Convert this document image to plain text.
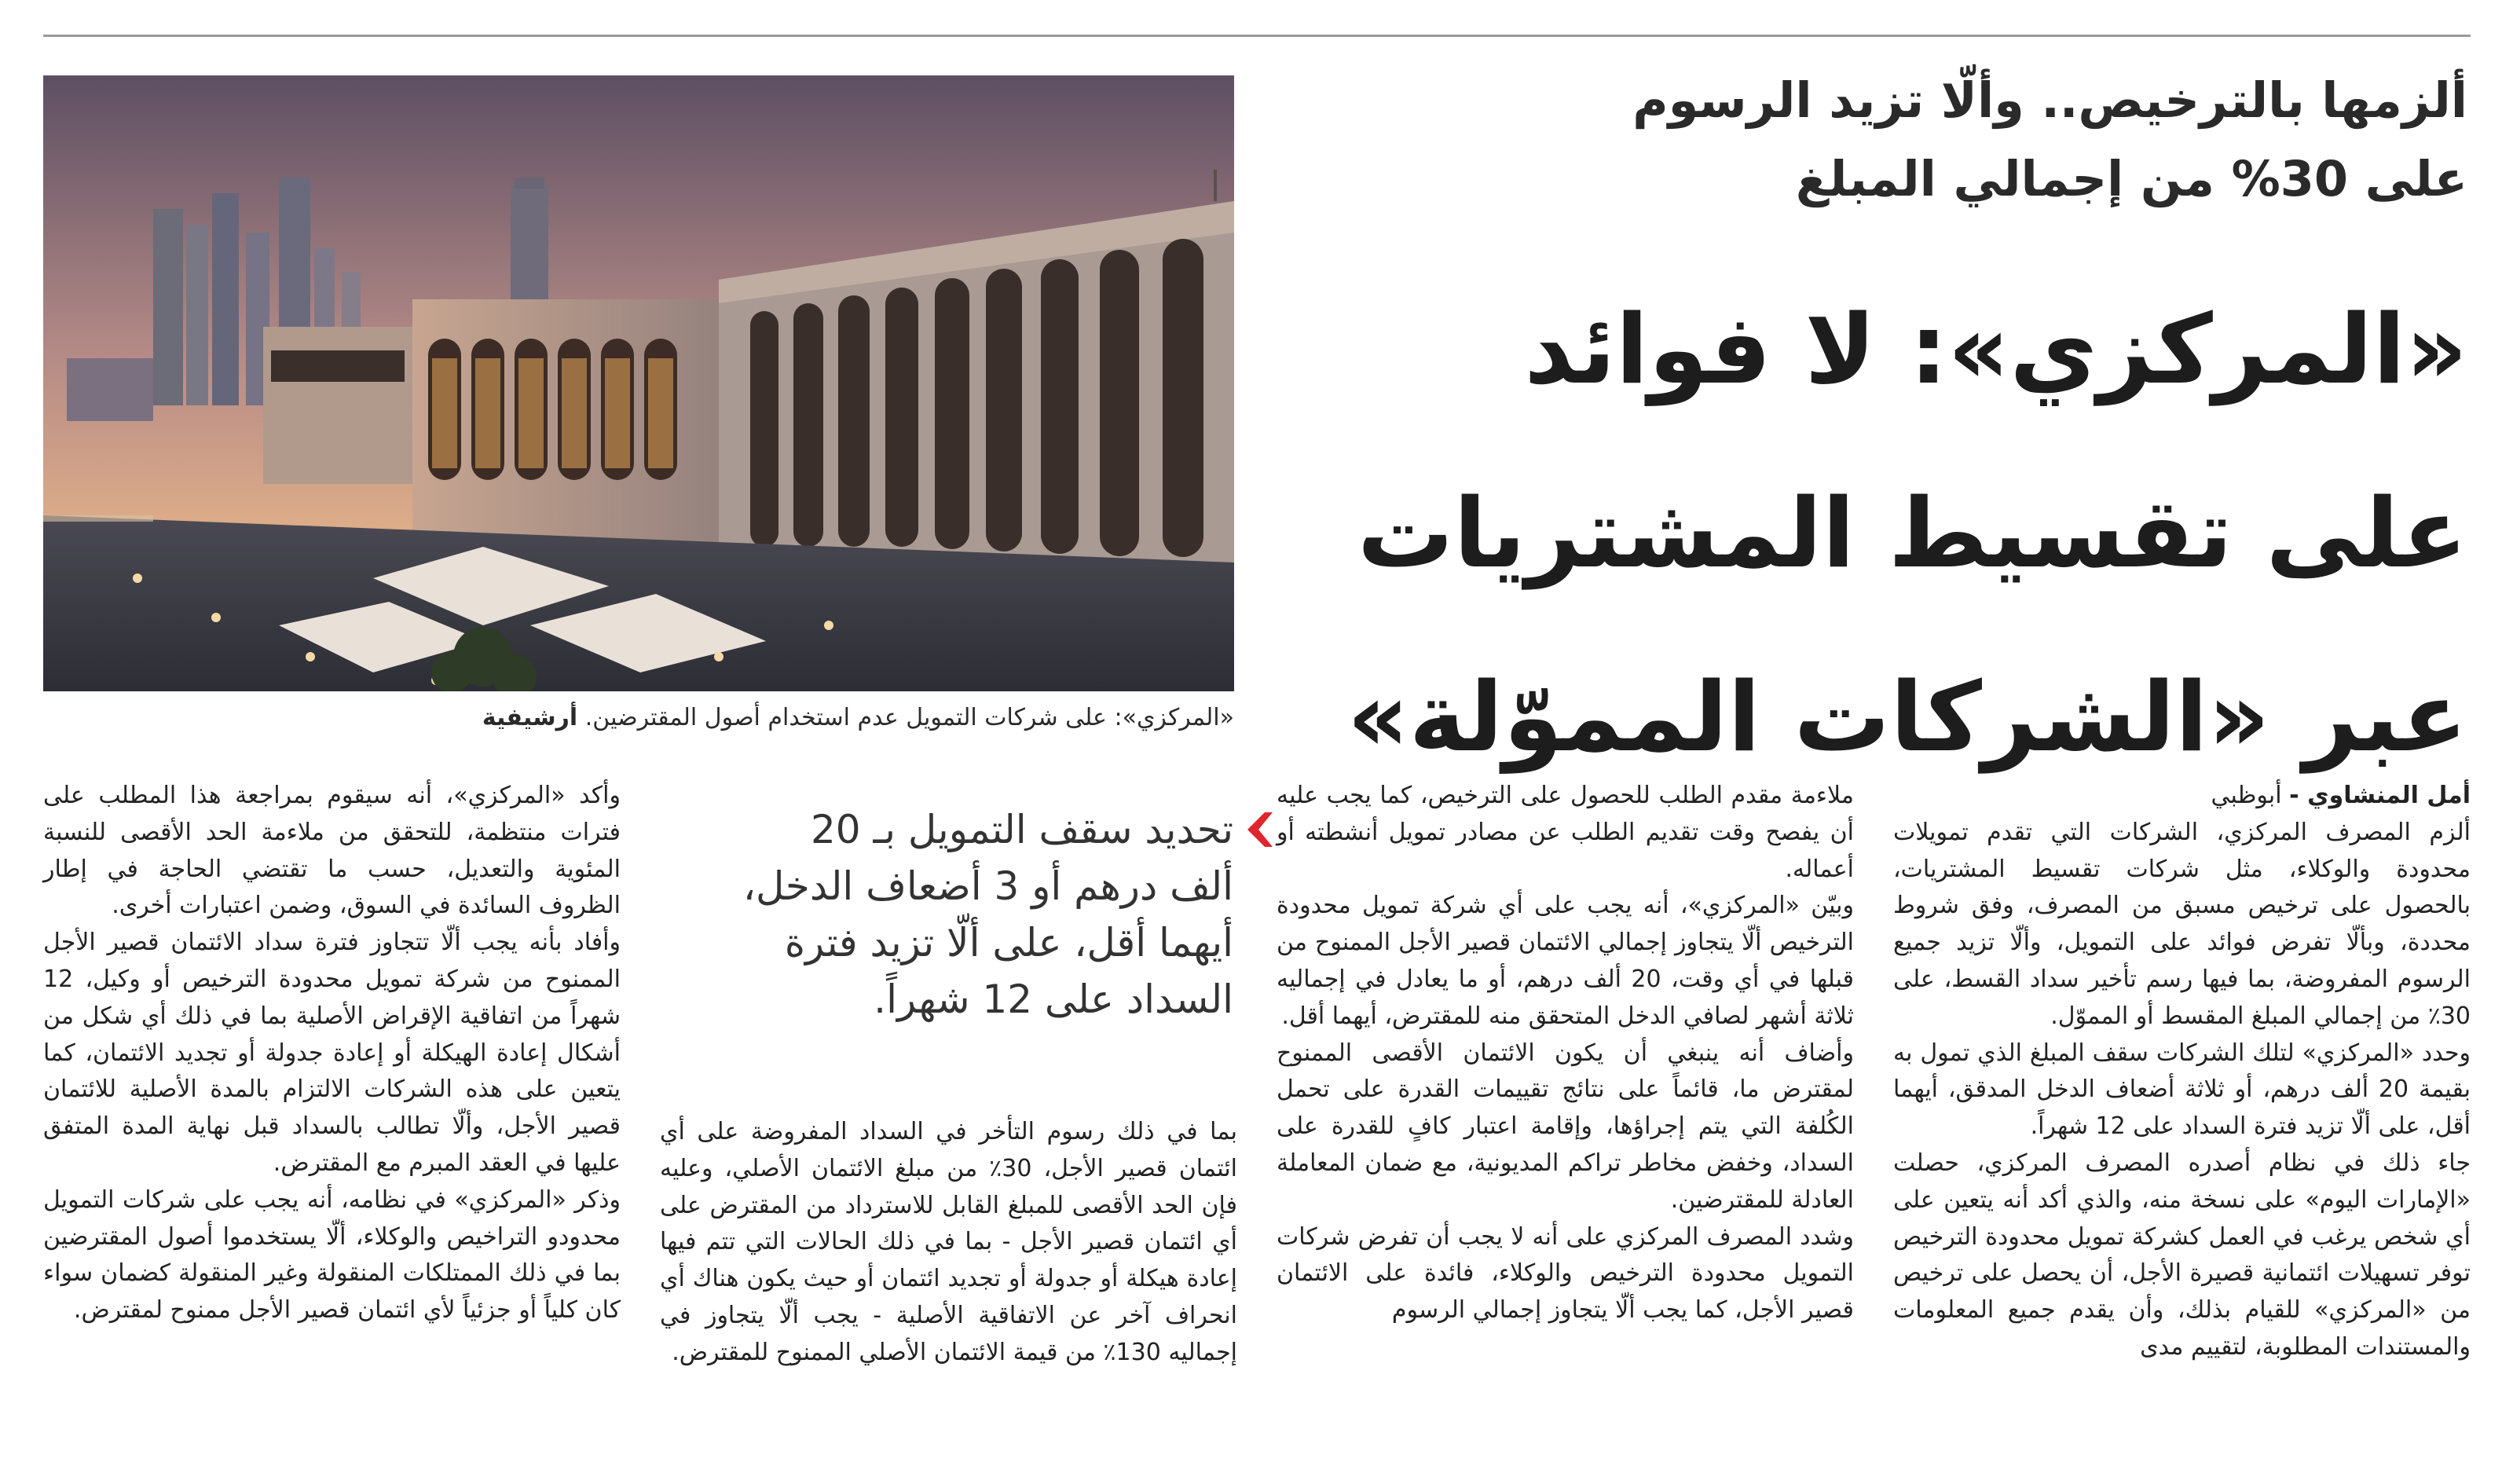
ألزمها بالترخيص.. وألّا تزيد الرسوم
على 30% من إجمالي المبلغ
«المركزي»: لا فوائد
على تقسيط المشتريات
عبر «الشركات المموّلة»
«المركزي»: على شركات التمويل عدم استخدام أصول المقترضين. أرشيفية

أمل المنشاوي - أبوظبي

ألزم المصرف المركزي، الشركات التي تقدم تمويلات محدودة والوكلاء، مثل شركات تقسيط المشتريات، بالحصول على ترخيص مسبق من المصرف، وفق شروط محددة، وبألّا تفرض فوائد على التمويل، وألّا تزيد جميع الرسوم المفروضة، بما فيها رسم تأخير سداد القسط، على 30٪ من إجمالي المبلغ المقسط أو المموّل.

وحدد «المركزي» لتلك الشركات سقف المبلغ الذي تمول به بقيمة 20 ألف درهم، أو ثلاثة أضعاف الدخل المدقق، أيهما أقل، على ألّا تزيد فترة السداد على 12 شهراً.

جاء ذلك في نظام أصدره المصرف المركزي، حصلت «الإمارات اليوم» على نسخة منه، والذي أكد أنه يتعين على أي شخص يرغب في العمل كشركة تمويل محدودة الترخيص توفر تسهيلات ائتمانية قصيرة الأجل، أن يحصل على ترخيص من «المركزي» للقيام بذلك، وأن يقدم جميع المعلومات والمستندات المطلوبة، لتقييم مدى

ملاءمة مقدم الطلب للحصول على الترخيص، كما يجب عليه أن يفصح وقت تقديم الطلب عن مصادر تمويل أنشطته أو أعماله.

وبيّن «المركزي»، أنه يجب على أي شركة تمويل محدودة الترخيص ألّا يتجاوز إجمالي الائتمان قصير الأجل الممنوح من قبلها في أي وقت، 20 ألف درهم، أو ما يعادل في إجماليه ثلاثة أشهر لصافي الدخل المتحقق منه للمقترض، أيهما أقل.

وأضاف أنه ينبغي أن يكون الائتمان الأقصى الممنوح لمقترض ما، قائماً على نتائج تقييمات القدرة على تحمل الكُلفة التي يتم إجراؤها، وإقامة اعتبار كافٍ للقدرة على السداد، وخفض مخاطر تراكم المديونية، مع ضمان المعاملة العادلة للمقترضين.

وشدد المصرف المركزي على أنه لا يجب أن تفرض شركات التمويل محدودة الترخيص والوكلاء، فائدة على الائتمان قصير الأجل، كما يجب ألّا يتجاوز إجمالي الرسوم

تحديد سقف التمويل بـ 20
ألف درهم أو 3 أضعاف الدخل،
أيهما أقل، على ألّا تزيد فترة
السداد على 12 شهراً.

بما في ذلك رسوم التأخر في السداد المفروضة على أي ائتمان قصير الأجل، 30٪ من مبلغ الائتمان الأصلي، وعليه فإن الحد الأقصى للمبلغ القابل للاسترداد من المقترض على أي ائتمان قصير الأجل - بما في ذلك الحالات التي تتم فيها إعادة هيكلة أو جدولة أو تجديد ائتمان أو حيث يكون هناك أي انحراف آخر عن الاتفاقية الأصلية - يجب ألّا يتجاوز في إجماليه 130٪ من قيمة الائتمان الأصلي الممنوح للمقترض.

وأكد «المركزي»، أنه سيقوم بمراجعة هذا المطلب على فترات منتظمة، للتحقق من ملاءمة الحد الأقصى للنسبة المئوية والتعديل، حسب ما تقتضي الحاجة في إطار الظروف السائدة في السوق، وضمن اعتبارات أخرى.

وأفاد بأنه يجب ألّا تتجاوز فترة سداد الائتمان قصير الأجل الممنوح من شركة تمويل محدودة الترخيص أو وكيل، 12 شهراً من اتفاقية الإقراض الأصلية بما في ذلك أي شكل من أشكال إعادة الهيكلة أو إعادة جدولة أو تجديد الائتمان، كما يتعين على هذه الشركات الالتزام بالمدة الأصلية للائتمان قصير الأجل، وألّا تطالب بالسداد قبل نهاية المدة المتفق عليها في العقد المبرم مع المقترض.

وذكر «المركزي» في نظامه، أنه يجب على شركات التمويل محدودو التراخيص والوكلاء، ألّا يستخدموا أصول المقترضين بما في ذلك الممتلكات المنقولة وغير المنقولة كضمان سواء كان كلياً أو جزئياً لأي ائتمان قصير الأجل ممنوح لمقترض.
